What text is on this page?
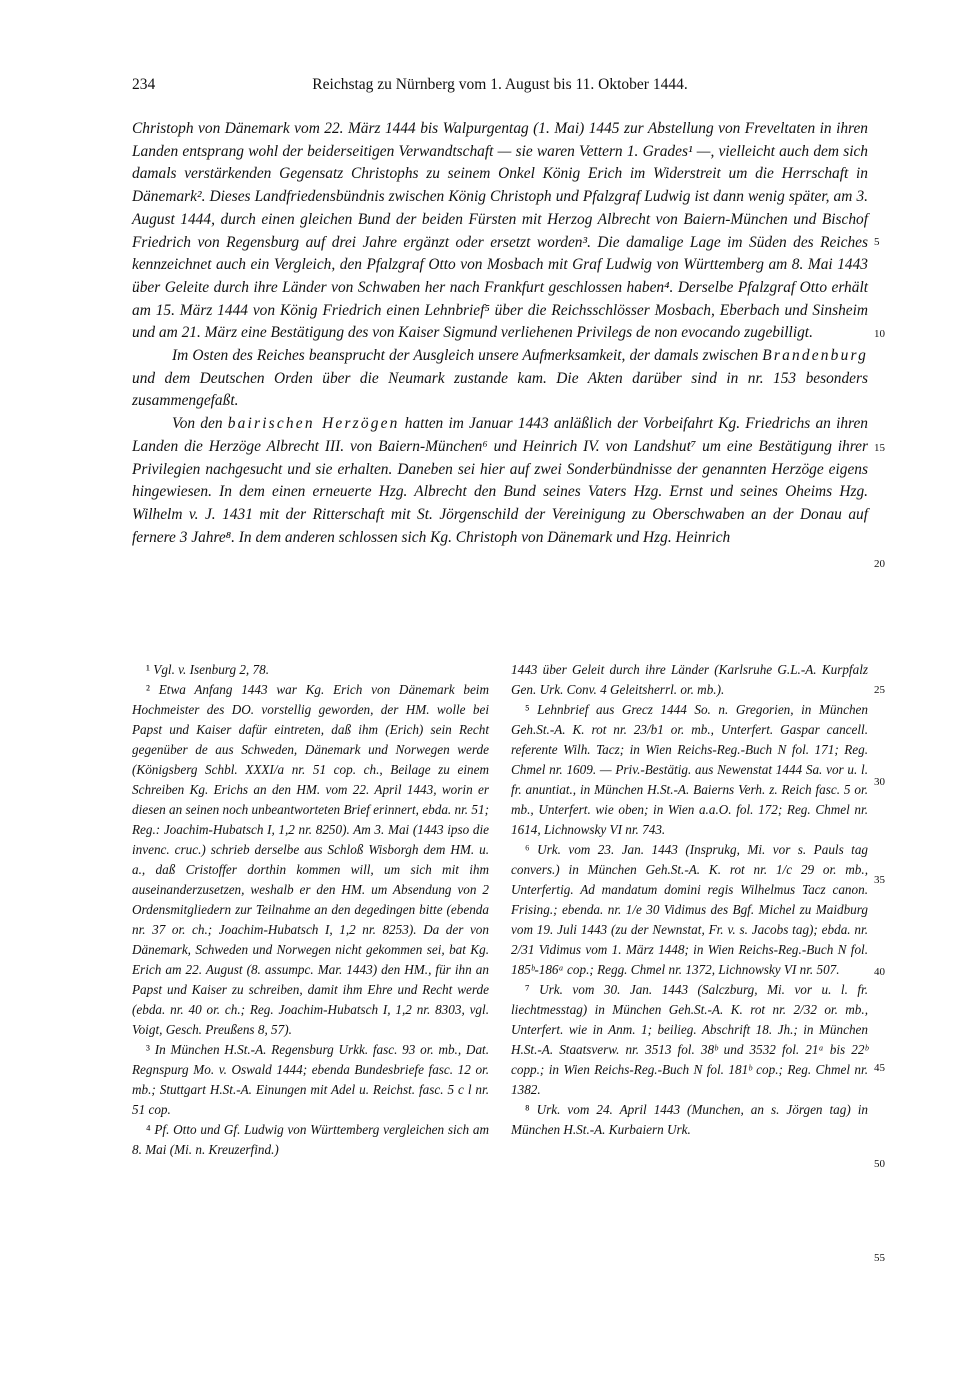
234	Reichstag zu Nürnberg vom 1. August bis 11. Oktober 1444.

Christoph von Dänemark vom 22. März 1444 bis Walpurgentag (1. Mai) 1445 zur Abstellung von Freveltaten in ihren Landen entsprang wohl der beiderseitigen Verwandtschaft — sie waren Vettern 1. Grades¹ —, vielleicht auch dem sich damals verstärkenden Gegensatz Christophs zu seinem Onkel König Erich im Widerstreit um die Herrschaft in Dänemark². Dieses Landfriedensbündnis zwischen König Christoph und Pfalzgraf Ludwig ist dann wenig später, am 3. August 1444, durch einen gleichen Bund der beiden Fürsten mit Herzog Albrecht von Baiern-München und Bischof Friedrich von Regensburg auf drei Jahre ergänzt oder ersetzt worden³. Die damalige Lage im Süden des Reiches kennzeichnet auch ein Vergleich, den Pfalzgraf Otto von Mosbach mit Graf Ludwig von Württemberg am 8. Mai 1443 über Geleite durch ihre Länder von Schwaben her nach Frankfurt geschlossen haben⁴. Derselbe Pfalzgraf Otto erhält am 15. März 1444 von König Friedrich einen Lehnbrief⁵ über die Reichsschlösser Mosbach, Eberbach und Sinsheim und am 21. März eine Bestätigung des von Kaiser Sigmund verliehenen Privilegs de non evocando zugebilligt.

Im Osten des Reiches beansprucht der Ausgleich unsere Aufmerksamkeit, der damals zwischen Brandenburg und dem Deutschen Orden über die Neumark zustande kam. Die Akten darüber sind in nr. 153 besonders zusammengefaßt.

Von den bairischen Herzögen hatten im Januar 1443 anläßlich der Vorbeifahrt Kg. Friedrichs an ihren Landen die Herzöge Albrecht III. von Baiern-München⁶ und Heinrich IV. von Landshut⁷ um eine Bestätigung ihrer Privilegien nachgesucht und sie erhalten. Daneben sei hier auf zwei Sonderbündnisse der genannten Herzöge eigens hingewiesen. In dem einen erneuerte Hzg. Albrecht den Bund seines Vaters Hzg. Ernst und seines Oheims Hzg. Wilhelm v. J. 1431 mit der Ritterschaft mit St. Jörgenschild der Vereinigung zu Oberschwaben an der Donau auf fernere 3 Jahre⁸. In dem anderen schlossen sich Kg. Christoph von Dänemark und Hzg. Heinrich

5
10
15
20
25
30
35
40
45
50
55

¹ Vgl. v. Isenburg 2, 78.

² Etwa Anfang 1443 war Kg. Erich von Dänemark beim Hochmeister des DO. vorstellig geworden, der HM. wolle bei Papst und Kaiser dafür eintreten, daß ihm (Erich) sein Recht gegenüber de aus Schweden, Dänemark und Norwegen werde (Königsberg Schbl. XXXI/a nr. 51 cop. ch., Beilage zu einem Schreiben Kg. Erichs an den HM. vom 22. April 1443, worin er diesen an seinen noch unbeantworteten Brief erinnert, ebda. nr. 51; Reg.: Joachim-Hubatsch I, 1,2 nr. 8250). Am 3. Mai (1443 ipso die invenc. cruc.) schrieb derselbe aus Schloß Wisborgh dem HM. u. a., daß Cristoffer dorthin kommen will, um sich mit ihm auseinanderzusetzen, weshalb er den HM. um Absendung von 2 Ordensmitgliedern zur Teilnahme an den degedingen bitte (ebenda nr. 37 or. ch.; Joachim-Hubatsch I, 1,2 nr. 8253). Da der von Dänemark, Schweden und Norwegen nicht gekommen sei, bat Kg. Erich am 22. August (8. assumpc. Mar. 1443) den HM., für ihn an Papst und Kaiser zu schreiben, damit ihm Ehre und Recht werde (ebda. nr. 40 or. ch.; Reg. Joachim-Hubatsch I, 1,2 nr. 8303, vgl. Voigt, Gesch. Preußens 8, 57).

³ In München H.St.-A. Regensburg Urkk. fasc. 93 or. mb., Dat. Regnspurg Mo. v. Oswald 1444; ebenda Bundesbriefe fasc. 12 or. mb.; Stuttgart H.St.-A. Einungen mit Adel u. Reichst. fasc. 5 c l nr. 51 cop.

⁴ Pf. Otto und Gf. Ludwig von Württemberg vergleichen sich am 8. Mai (Mi. n. Kreuzerfind.)

1443 über Geleit durch ihre Länder (Karlsruhe G.L.-A. Kurpfalz Gen. Urk. Conv. 4 Geleitsherrl. or. mb.).

⁵ Lehnbrief aus Grecz 1444 So. n. Gregorien, in München Geh.St.-A. K. rot nr. 23/b1 or. mb., Unterfert. Gaspar cancell. referente Wilh. Tacz; in Wien Reichs-Reg.-Buch N fol. 171; Reg. Chmel nr. 1609. — Priv.-Bestätig. aus Newenstat 1444 Sa. vor u. l. fr. anuntiat., in München H.St.-A. Baierns Verh. z. Reich fasc. 5 or. mb., Unterfert. wie oben; in Wien a.a.O. fol. 172; Reg. Chmel nr. 1614, Lichnowsky VI nr. 743.

⁶ Urk. vom 23. Jan. 1443 (Insprukg, Mi. vor s. Pauls tag convers.) in München Geh.St.-A. K. rot nr. 1/c 29 or. mb., Unterfertig. Ad mandatum domini regis Wilhelmus Tacz canon. Frising.; ebenda. nr. 1/e 30 Vidimus des Bgf. Michel zu Maidburg vom 19. Juli 1443 (zu der Newnstat, Fr. v. s. Jacobs tag); ebda. nr. 2/31 Vidimus vom 1. März 1448; in Wien Reichs-Reg.-Buch N fol. 185ᵇ-186ᵃ cop.; Regg. Chmel nr. 1372, Lichnowsky VI nr. 507.

⁷ Urk. vom 30. Jan. 1443 (Salczburg, Mi. vor u. l. fr. liechtmesstag) in München Geh.St.-A. K. rot nr. 2/32 or. mb., Unterfert. wie in Anm. 1; beilieg. Abschrift 18. Jh.; in München H.St.-A. Staatsverw. nr. 3513 fol. 38ᵇ und 3532 fol. 21ᵃ bis 22ᵇ copp.; in Wien Reichs-Reg.-Buch N fol. 181ᵇ cop.; Reg. Chmel nr. 1382.

⁸ Urk. vom 24. April 1443 (Munchen, an s. Jörgen tag) in München H.St.-A. Kurbaiern Urk.
